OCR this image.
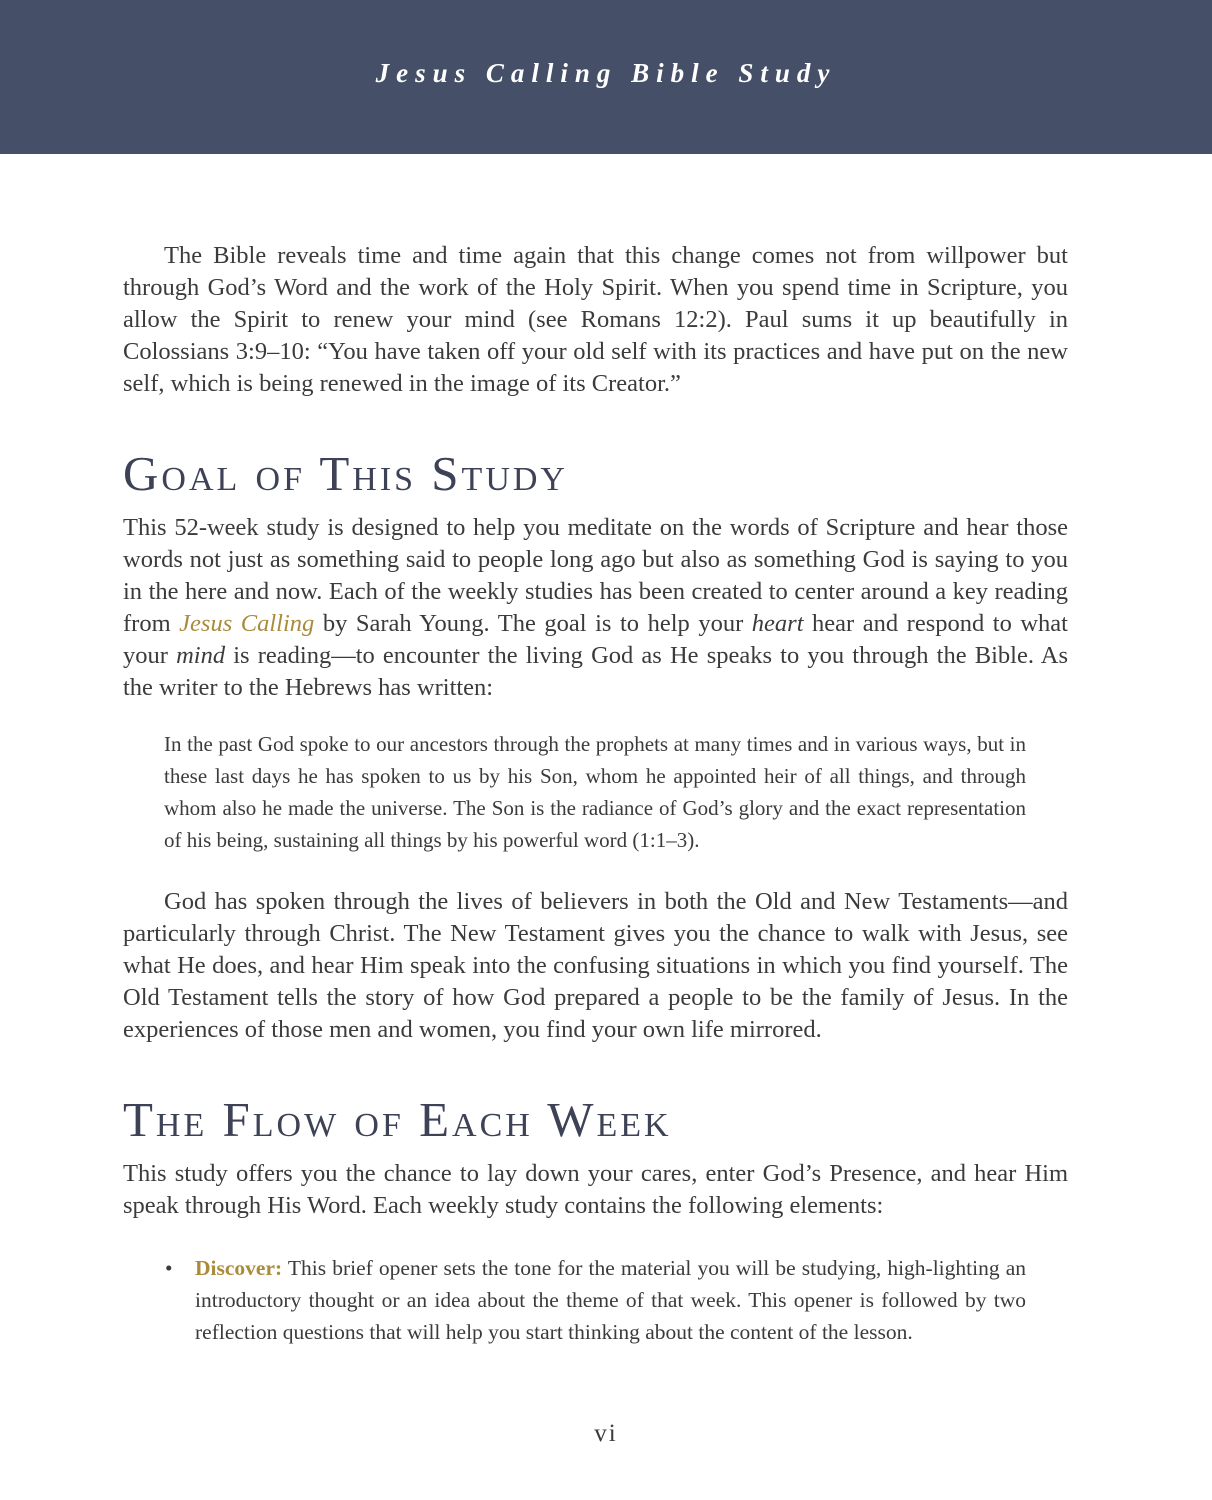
Jesus Calling Bible Study

The Bible reveals time and time again that this change comes not from willpower but through God’s Word and the work of the Holy Spirit. When you spend time in Scripture, you allow the Spirit to renew your mind (see Romans 12:2). Paul sums it up beautifully in Colossians 3:9–10: “You have taken off your old self with its practices and have put on the new self, which is being renewed in the image of its Creator.”

Goal of This Study

This 52-week study is designed to help you meditate on the words of Scripture and hear those words not just as something said to people long ago but also as something God is saying to you in the here and now. Each of the weekly studies has been created to center around a key reading from Jesus Calling by Sarah Young. The goal is to help your heart hear and respond to what your mind is reading—to encounter the living God as He speaks to you through the Bible. As the writer to the Hebrews has written:

In the past God spoke to our ancestors through the prophets at many times and in various ways, but in these last days he has spoken to us by his Son, whom he appointed heir of all things, and through whom also he made the universe. The Son is the radiance of God’s glory and the exact representation of his being, sustaining all things by his powerful word (1:1–3).

God has spoken through the lives of believers in both the Old and New Testaments—and particularly through Christ. The New Testament gives you the chance to walk with Jesus, see what He does, and hear Him speak into the confusing situations in which you find yourself. The Old Testament tells the story of how God prepared a people to be the family of Jesus. In the experiences of those men and women, you find your own life mirrored.

The Flow of Each Week

This study offers you the chance to lay down your cares, enter God’s Presence, and hear Him speak through His Word. Each weekly study contains the following elements:

• Discover: This brief opener sets the tone for the material you will be studying, high-lighting an introductory thought or an idea about the theme of that week. This opener is followed by two reflection questions that will help you start thinking about the content of the lesson.
vi
